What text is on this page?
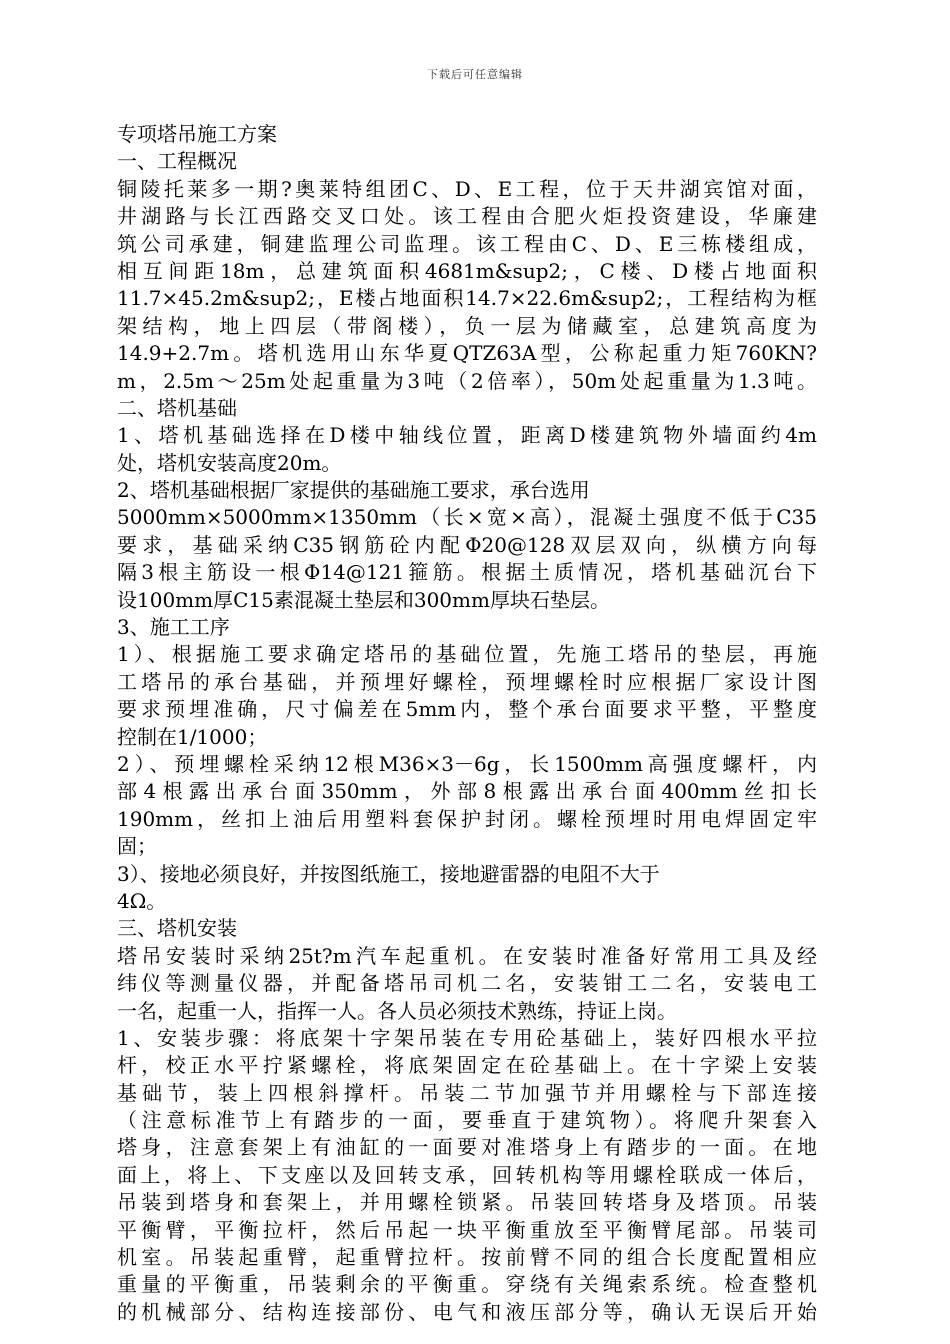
下载后可任意编辑
专项塔吊施工方案
一、工程概况
铜陵托莱多一期?奥莱特组团C、D、E工程，位于天井湖宾馆对面，
井湖路与长江西路交叉口处。该工程由合肥火炬投资建设，华廉建
筑公司承建，铜建监理公司监理。该工程由C、D、E三栋楼组成，
相互间距18m，总建筑面积4681m&sup2;，C楼、D楼占地面积
11.7×45.2m&sup2;，E楼占地面积14.7×22.6m&sup2;，工程结构为框
架结构，地上四层（带阁楼），负一层为储藏室，总建筑高度为
14.9+2.7m。塔机选用山东华夏QTZ63A型，公称起重力矩760KN?
m，2.5m～25m处起重量为3吨（2倍率），50m处起重量为1.3吨。
二、塔机基础
1、塔机基础选择在D楼中轴线位置，距离D楼建筑物外墙面约4m
处，塔机安装高度20m。
2、塔机基础根据厂家提供的基础施工要求，承台选用
5000mm×5000mm×1350mm（长×宽×高），混凝土强度不低于C35
要求，基础采纳C35钢筋砼内配Φ20@128双层双向，纵横方向每
隔3根主筋设一根Φ14@121箍筋。根据土质情况，塔机基础沉台下
设100mm厚C15素混凝土垫层和300mm厚块石垫层。
3、施工工序
1）、根据施工要求确定塔吊的基础位置，先施工塔吊的垫层，再施
工塔吊的承台基础，并预埋好螺栓，预埋螺栓时应根据厂家设计图
要求预埋准确，尺寸偏差在5mm内，整个承台面要求平整，平整度
控制在1/1000；
2）、预埋螺栓采纳12根M36×3－6g，长1500mm高强度螺杆，内
部4根露出承台面350mm，外部8根露出承台面400mm丝扣长
190mm，丝扣上油后用塑料套保护封闭。螺栓预埋时用电焊固定牢
固；
3）、接地必须良好，并按图纸施工，接地避雷器的电阻不大于
4Ω。
三、塔机安装
塔吊安装时采纳25t?m汽车起重机。在安装时准备好常用工具及经
纬仪等测量仪器，并配备塔吊司机二名，安装钳工二名，安装电工
一名，起重一人，指挥一人。各人员必须技术熟练，持证上岗。
1、安装步骤：将底架十字架吊装在专用砼基础上，装好四根水平拉
杆，校正水平拧紧螺栓，将底架固定在砼基础上。在十字梁上安装
基础节，装上四根斜撑杆。吊装二节加强节并用螺栓与下部连接
（注意标准节上有踏步的一面，要垂直于建筑物）。将爬升架套入
塔身，注意套架上有油缸的一面要对准塔身上有踏步的一面。在地
面上，将上、下支座以及回转支承，回转机构等用螺栓联成一体后，
吊装到塔身和套架上，并用螺栓锁紧。吊装回转塔身及塔顶。吊装
平衡臂，平衡拉杆，然后吊起一块平衡重放至平衡臂尾部。吊装司
机室。吊装起重臂，起重臂拉杆。按前臂不同的组合长度配置相应
重量的平衡重，吊装剩余的平衡重。穿绕有关绳索系统。检查整机
的机械部分、结构连接部份、电气和液压部分等，确认无误后开始
